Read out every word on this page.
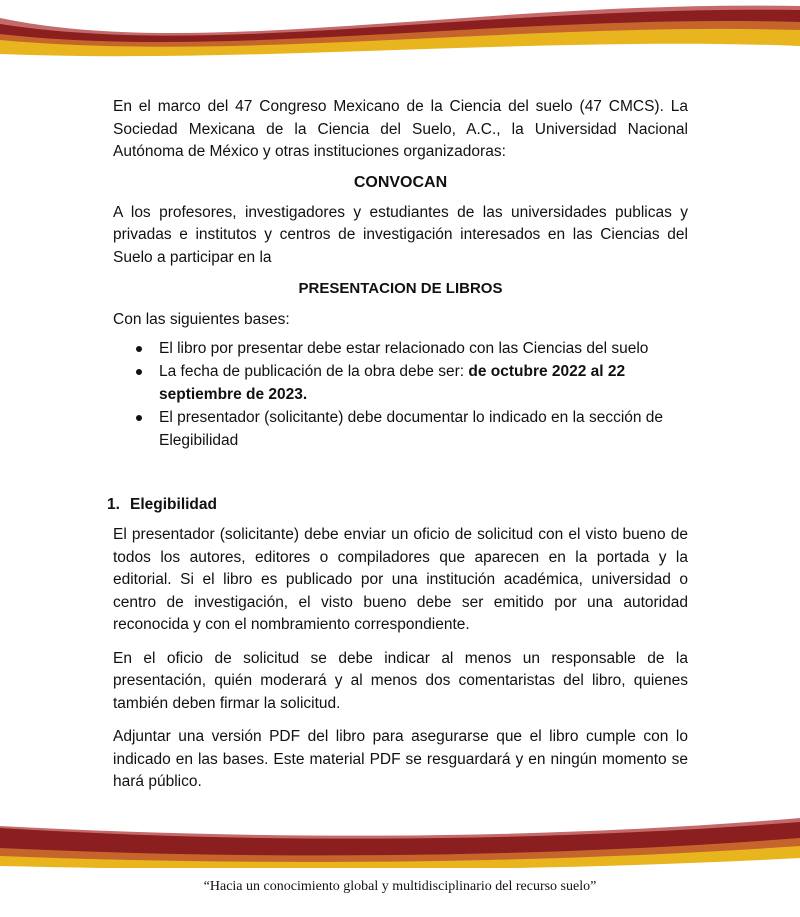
En el marco del 47 Congreso Mexicano de la Ciencia del suelo (47 CMCS). La Sociedad Mexicana de la Ciencia del Suelo, A.C., la Universidad Nacional Autónoma de México y otras instituciones organizadoras:

CONVOCAN

A los profesores, investigadores y estudiantes de las universidades publicas y privadas e institutos y centros de investigación interesados en las Ciencias del Suelo a participar en la

PRESENTACION DE LIBROS

Con las siguientes bases:

El libro por presentar debe estar relacionado con las Ciencias del suelo
La fecha de publicación de la obra debe ser: de octubre 2022 al 22 septiembre de 2023.
El presentador (solicitante) debe documentar lo indicado en la sección de Elegibilidad
1. Elegibilidad

El presentador (solicitante) debe enviar un oficio de solicitud con el visto bueno de todos los autores, editores o compiladores que aparecen en la portada y la editorial. Si el libro es publicado por una institución académica, universidad o centro de investigación, el visto bueno debe ser emitido por una autoridad reconocida y con el nombramiento correspondiente.

En el oficio de solicitud se debe indicar al menos un responsable de la presentación, quién moderará y al menos dos comentaristas del libro, quienes también deben firmar la solicitud.

Adjuntar una versión PDF del libro para asegurarse que el libro cumple con lo indicado en las bases. Este material PDF se resguardará y en ningún momento se hará público.

“Hacia un conocimiento global y multidisciplinario del recurso suelo”
